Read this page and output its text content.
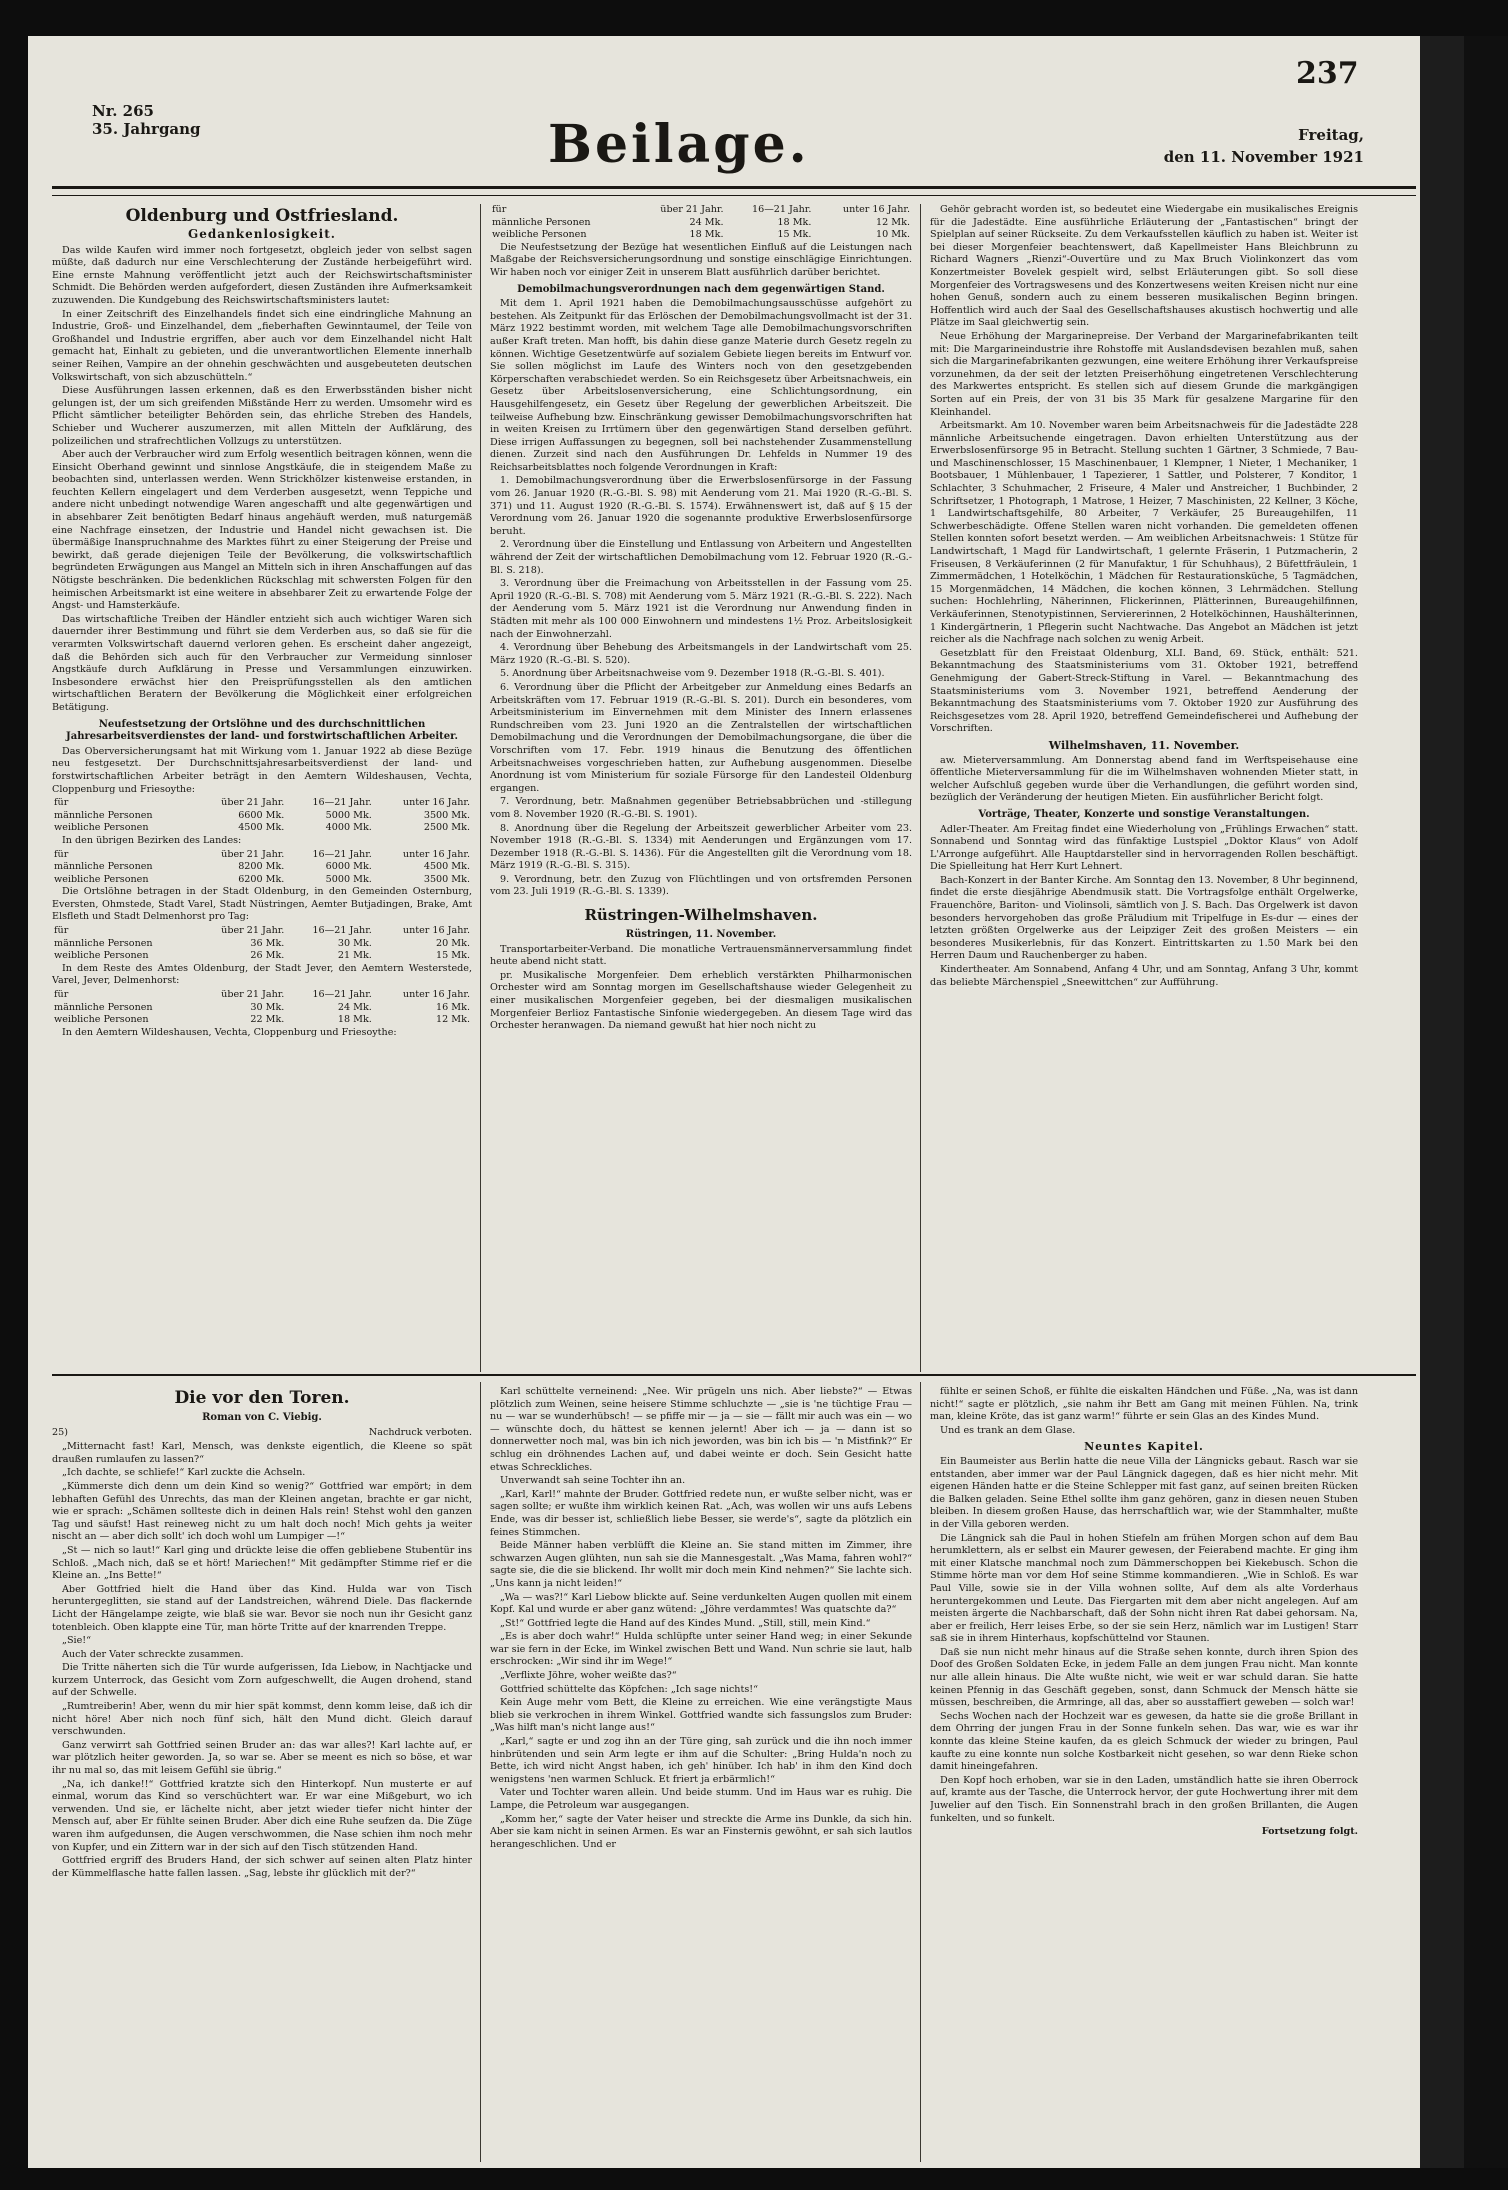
237
Nr. 265
35. Jahrgang	Beilage.	Freitag,
den 11. November 1921
Oldenburg und Ostfriesland.
Gedankenlosigkeit.

Das wilde Kaufen wird immer noch fortgesetzt, obgleich jeder von selbst sagen müßte, daß dadurch nur eine Verschlechterung der Zustände herbeigeführt wird. Eine ernste Mahnung veröffentlicht jetzt auch der Reichswirtschaftsminister Schmidt. Die Behörden werden aufgefordert, diesen Zuständen ihre Aufmerksamkeit zuzuwenden. Die Kundgebung des Reichswirtschaftsministers lautet:

In einer Zeitschrift des Einzelhandels findet sich eine eindringliche Mahnung an Industrie, Groß- und Einzelhandel, dem „fieberhaften Gewinntaumel, der Teile von Großhandel und Industrie ergriffen, aber auch vor dem Einzelhandel nicht Halt gemacht hat, Einhalt zu gebieten, und die unverantwortlichen Elemente innerhalb seiner Reihen, Vampire an der ohnehin geschwächten und ausgebeuteten deutschen Volkswirtschaft, von sich abzuschütteln.“

Diese Ausführungen lassen erkennen, daß es den Erwerbsständen bisher nicht gelungen ist, der um sich greifenden Mißstände Herr zu werden. Umsomehr wird es Pflicht sämtlicher beteiligter Behörden sein, das ehrliche Streben des Handels, Schieber und Wucherer auszumerzen, mit allen Mitteln der Aufklärung, des polizeilichen und strafrechtlichen Vollzugs zu unterstützen.

Aber auch der Verbraucher wird zum Erfolg wesentlich beitragen können, wenn die Einsicht Oberhand gewinnt und sinnlose Angstkäufe, die in steigendem Maße zu beobachten sind, unterlassen werden. Wenn Strickhölzer kistenweise erstanden, in feuchten Kellern eingelagert und dem Verderben ausgesetzt, wenn Teppiche und andere nicht unbedingt notwendige Waren angeschafft und alte gegenwärtigen und in absehbarer Zeit benötigten Bedarf hinaus angehäuft werden, muß naturgemäß eine Nachfrage einsetzen, der Industrie und Handel nicht gewachsen ist. Die übermäßige Inanspruchnahme des Marktes führt zu einer Steigerung der Preise und bewirkt, daß gerade diejenigen Teile der Bevölkerung, die volkswirtschaftlich begründeten Erwägungen aus Mangel an Mitteln sich in ihren Anschaffungen auf das Nötigste beschränken. Die bedenklichen Rückschlag mit schwersten Folgen für den heimischen Arbeitsmarkt ist eine weitere in absehbarer Zeit zu erwartende Folge der Angst- und Hamsterkäufe.

Das wirtschaftliche Treiben der Händler entzieht sich auch wichtiger Waren sich dauernder ihrer Bestimmung und führt sie dem Verderben aus, so daß sie für die verarmten Volkswirtschaft dauernd verloren gehen. Es erscheint daher angezeigt, daß die Behörden sich auch für den Verbraucher zur Vermeidung sinnloser Angstkäufe durch Aufklärung in Presse und Versammlungen einzuwirken. Insbesondere erwächst hier den Preisprüfungsstellen als den amtlichen wirtschaftlichen Beratern der Bevölkerung die Möglichkeit einer erfolgreichen Betätigung.

Neufestsetzung der Ortslöhne und des durchschnittlichen Jahresarbeitsverdienstes der land- und forstwirtschaftlichen Arbeiter.

Das Oberversicherungsamt hat mit Wirkung vom 1. Januar 1922 ab diese Bezüge neu festgesetzt. Der Durchschnittsjahresarbeitsverdienst der land- und forstwirtschaftlichen Arbeiter beträgt in den Aemtern Wildeshausen, Vechta, Cloppenburg und Friesoythe:

für	über 21 Jahr.	16—21 Jahr.	unter 16 Jahr.
männliche Personen	6600 Mk.	5000 Mk.	3500 Mk.
weibliche Personen	4500 Mk.	4000 Mk.	2500 Mk.

In den übrigen Bezirken des Landes:

für	über 21 Jahr.	16—21 Jahr.	unter 16 Jahr.
männliche Personen	8200 Mk.	6000 Mk.	4500 Mk.
weibliche Personen	6200 Mk.	5000 Mk.	3500 Mk.

Die Ortslöhne betragen in der Stadt Oldenburg, in den Gemeinden Osternburg, Eversten, Ohmstede, Stadt Varel, Stadt Nüstringen, Aemter Butjadingen, Brake, Amt Elsfleth und Stadt Delmenhorst pro Tag:

für	über 21 Jahr.	16—21 Jahr.	unter 16 Jahr.
männliche Personen	36 Mk.	30 Mk.	20 Mk.
weibliche Personen	26 Mk.	21 Mk.	15 Mk.

In dem Reste des Amtes Oldenburg, der Stadt Jever, den Aemtern Westerstede, Varel, Jever, Delmenhorst:

für	über 21 Jahr.	16—21 Jahr.	unter 16 Jahr.
männliche Personen	30 Mk.	24 Mk.	16 Mk.
weibliche Personen	22 Mk.	18 Mk.	12 Mk.

In den Aemtern Wildeshausen, Vechta, Cloppenburg und Friesoythe:

für	über 21 Jahr.	16—21 Jahr.	unter 16 Jahr.
männliche Personen	24 Mk.	18 Mk.	12 Mk.
weibliche Personen	18 Mk.	15 Mk.	10 Mk.

Die Neufestsetzung der Bezüge hat wesentlichen Einfluß auf die Leistungen nach Maßgabe der Reichsversicherungsordnung und sonstige einschlägige Einrichtungen. Wir haben noch vor einiger Zeit in unserem Blatt ausführlich darüber berichtet.

Demobilmachungsverordnungen nach dem gegenwärtigen Stand.

Mit dem 1. April 1921 haben die Demobilmachungsausschüsse aufgehört zu bestehen. Als Zeitpunkt für das Erlöschen der Demobilmachungsvollmacht ist der 31. März 1922 bestimmt worden, mit welchem Tage alle Demobilmachungsvorschriften außer Kraft treten. Man hofft, bis dahin diese ganze Materie durch Gesetz regeln zu können. Wichtige Gesetzentwürfe auf sozialem Gebiete liegen bereits im Entwurf vor. Sie sollen möglichst im Laufe des Winters noch von den gesetzgebenden Körperschaften verabschiedet werden. So ein Reichsgesetz über Arbeitsnachweis, ein Gesetz über Arbeitslosenversicherung, eine Schlichtungsordnung, ein Hausgehilfengesetz, ein Gesetz über Regelung der gewerblichen Arbeitszeit. Die teilweise Aufhebung bzw. Einschränkung gewisser Demobilmachungsvorschriften hat in weiten Kreisen zu Irrtümern über den gegenwärtigen Stand derselben geführt. Diese irrigen Auffassungen zu begegnen, soll bei nachstehender Zusammenstellung dienen. Zurzeit sind nach den Ausführungen Dr. Lehfelds in Nummer 19 des Reichsarbeitsblattes noch folgende Verordnungen in Kraft:

1. Demobilmachungsverordnung über die Erwerbslosenfürsorge in der Fassung vom 26. Januar 1920 (R.-G.-Bl. S. 98) mit Aenderung vom 21. Mai 1920 (R.-G.-Bl. S. 371) und 11. August 1920 (R.-G.-Bl. S. 1574). Erwähnenswert ist, daß auf § 15 der Verordnung vom 26. Januar 1920 die sogenannte produktive Erwerbslosenfürsorge beruht.

2. Verordnung über die Einstellung und Entlassung von Arbeitern und Angestellten während der Zeit der wirtschaftlichen Demobilmachung vom 12. Februar 1920 (R.-G.-Bl. S. 218).

3. Verordnung über die Freimachung von Arbeitsstellen in der Fassung vom 25. April 1920 (R.-G.-Bl. S. 708) mit Aenderung vom 5. März 1921 (R.-G.-Bl. S. 222). Nach der Aenderung vom 5. März 1921 ist die Verordnung nur Anwendung finden in Städten mit mehr als 100 000 Einwohnern und mindestens 1½ Proz. Arbeitslosigkeit nach der Einwohnerzahl.

4. Verordnung über Behebung des Arbeitsmangels in der Landwirtschaft vom 25. März 1920 (R.-G.-Bl. S. 520).

5. Anordnung über Arbeitsnachweise vom 9. Dezember 1918 (R.-G.-Bl. S. 401).

6. Verordnung über die Pflicht der Arbeitgeber zur Anmeldung eines Bedarfs an Arbeitskräften vom 17. Februar 1919 (R.-G.-Bl. S. 201). Durch ein besonderes, vom Arbeitsministerium im Einvernehmen mit dem Minister des Innern erlassenes Rundschreiben vom 23. Juni 1920 an die Zentralstellen der wirtschaftlichen Demobilmachung und die Verordnungen der Demobilmachungsorgane, die über die Vorschriften vom 17. Febr. 1919 hinaus die Benutzung des öffentlichen Arbeitsnachweises vorgeschrieben hatten, zur Aufhebung ausgenommen. Dieselbe Anordnung ist vom Ministerium für soziale Fürsorge für den Landesteil Oldenburg ergangen.

7. Verordnung, betr. Maßnahmen gegenüber Betriebsabbrüchen und -stillegung vom 8. November 1920 (R.-G.-Bl. S. 1901).

8. Anordnung über die Regelung der Arbeitszeit gewerblicher Arbeiter vom 23. November 1918 (R.-G.-Bl. S. 1334) mit Aenderungen und Ergänzungen vom 17. Dezember 1918 (R.-G.-Bl. S. 1436). Für die Angestellten gilt die Verordnung vom 18. März 1919 (R.-G.-Bl. S. 315).

9. Verordnung, betr. den Zuzug von Flüchtlingen und von ortsfremden Personen vom 23. Juli 1919 (R.-G.-Bl. S. 1339).

Rüstringen-Wilhelmshaven.
Rüstringen, 11. November.

Transportarbeiter-Verband. Die monatliche Vertrauensmännerversammlung findet heute abend nicht statt.

pr. Musikalische Morgenfeier. Dem erheblich verstärkten Philharmonischen Orchester wird am Sonntag morgen im Gesellschaftshause wieder Gelegenheit zu einer musikalischen Morgenfeier gegeben, bei der diesmaligen musikalischen Morgenfeier Berlioz Fantastische Sinfonie wiedergegeben. An diesem Tage wird das Orchester heranwagen. Da niemand gewußt hat hier noch nicht zu

Gehör gebracht worden ist, so bedeutet eine Wiedergabe ein musikalisches Ereignis für die Jadestädte. Eine ausführliche Erläuterung der „Fantastischen“ bringt der Spielplan auf seiner Rückseite. Zu dem Verkaufsstellen käuflich zu haben ist. Weiter ist bei dieser Morgenfeier beachtenswert, daß Kapellmeister Hans Bleichbrunn zu Richard Wagners „Rienzi“-Ouvertüre und zu Max Bruch Violinkonzert das vom Konzertmeister Bovelek gespielt wird, selbst Erläuterungen gibt. So soll diese Morgenfeier des Vortragswesens und des Konzertwesens weiten Kreisen nicht nur eine hohen Genuß, sondern auch zu einem besseren musikalischen Beginn bringen. Hoffentlich wird auch der Saal des Gesellschaftshauses akustisch hochwertig und alle Plätze im Saal gleichwertig sein.

Neue Erhöhung der Margarinepreise. Der Verband der Margarinefabrikanten teilt mit: Die Margarineindustrie ihre Rohstoffe mit Auslandsdevisen bezahlen muß, sahen sich die Margarinefabrikanten gezwungen, eine weitere Erhöhung ihrer Verkaufspreise vorzunehmen, da der seit der letzten Preiserhöhung eingetretenen Verschlechterung des Markwertes entspricht. Es stellen sich auf diesem Grunde die markgängigen Sorten auf ein Preis, der von 31 bis 35 Mark für gesalzene Margarine für den Kleinhandel.

Arbeitsmarkt. Am 10. November waren beim Arbeitsnachweis für die Jadestädte 228 männliche Arbeitsuchende eingetragen. Davon erhielten Unterstützung aus der Erwerbslosenfürsorge 95 in Betracht. Stellung suchten 1 Gärtner, 3 Schmiede, 7 Bau- und Maschinenschlosser, 15 Maschinenbauer, 1 Klempner, 1 Nieter, 1 Mechaniker, 1 Bootsbauer, 1 Mühlenbauer, 1 Tapezierer, 1 Sattler, und Polsterer, 7 Konditor, 1 Schlachter, 3 Schuhmacher, 2 Friseure, 4 Maler und Anstreicher, 1 Buchbinder, 2 Schriftsetzer, 1 Photograph, 1 Matrose, 1 Heizer, 7 Maschinisten, 22 Kellner, 3 Köche, 1 Landwirtschaftsgehilfe, 80 Arbeiter, 7 Verkäufer, 25 Bureaugehilfen, 11 Schwerbeschädigte. Offene Stellen waren nicht vorhanden. Die gemeldeten offenen Stellen konnten sofort besetzt werden. — Am weiblichen Arbeitsnachweis: 1 Stütze für Landwirtschaft, 1 Magd für Landwirtschaft, 1 gelernte Fräserin, 1 Putzmacherin, 2 Friseusen, 8 Verkäuferinnen (2 für Manufaktur, 1 für Schuhhaus), 2 Büfettfräulein, 1 Zimmermädchen, 1 Hotelköchin, 1 Mädchen für Restaurationsküche, 5 Tagmädchen, 15 Morgenmädchen, 14 Mädchen, die kochen können, 3 Lehrmädchen. Stellung suchen: Hochlehrling, Näherinnen, Flickerinnen, Plätterinnen, Bureaugehilfinnen, Verkäuferinnen, Stenotypistinnen, Serviererinnen, 2 Hotelköchinnen, Haushälterinnen, 1 Kindergärtnerin, 1 Pflegerin sucht Nachtwache. Das Angebot an Mädchen ist jetzt reicher als die Nachfrage nach solchen zu wenig Arbeit.

Gesetzblatt für den Freistaat Oldenburg, XLI. Band, 69. Stück, enthält: 521. Bekanntmachung des Staatsministeriums vom 31. Oktober 1921, betreffend Genehmigung der Gabert-Streck-Stiftung in Varel. — Bekanntmachung des Staatsministeriums vom 3. November 1921, betreffend Aenderung der Bekanntmachung des Staatsministeriums vom 7. Oktober 1920 zur Ausführung des Reichsgesetzes vom 28. April 1920, betreffend Gemeindefischerei und Aufhebung der Vorschriften.

Wilhelmshaven, 11. November.

aw. Mieterversammlung. Am Donnerstag abend fand im Werftspeisehause eine öffentliche Mieterversammlung für die im Wilhelmshaven wohnenden Mieter statt, in welcher Aufschluß gegeben wurde über die Verhandlungen, die geführt worden sind, bezüglich der Veränderung der heutigen Mieten. Ein ausführlicher Bericht folgt.

Vorträge, Theater, Konzerte und sonstige Veranstaltungen.

Adler-Theater. Am Freitag findet eine Wiederholung von „Frühlings Erwachen“ statt. Sonnabend und Sonntag wird das fünfaktige Lustspiel „Doktor Klaus“ von Adolf L'Arronge aufgeführt. Alle Hauptdarsteller sind in hervorragenden Rollen beschäftigt. Die Spielleitung hat Herr Kurt Lehnert.

Bach-Konzert in der Banter Kirche. Am Sonntag den 13. November, 8 Uhr beginnend, findet die erste diesjährige Abendmusik statt. Die Vortragsfolge enthält Orgelwerke, Frauenchöre, Bariton- und Violinsoli, sämtlich von J. S. Bach. Das Orgelwerk ist davon besonders hervorgehoben das große Präludium mit Tripelfuge in Es-dur — eines der letzten größten Orgelwerke aus der Leipziger Zeit des großen Meisters — ein besonderes Musikerlebnis, für das Konzert. Eintrittskarten zu 1.50 Mark bei den Herren Daum und Rauchenberger zu haben.

Kindertheater. Am Sonnabend, Anfang 4 Uhr, und am Sonntag, Anfang 3 Uhr, kommt das beliebte Märchenspiel „Sneewittchen“ zur Aufführung.

Die vor den Toren.
Roman von C. Viebig.
25)	Nachdruck verboten.

„Mitternacht fast! Karl, Mensch, was denkste eigentlich, die Kleene so spät draußen rumlaufen zu lassen?“

„Ich dachte, se schliefe!“ Karl zuckte die Achseln.

„Kümmerste dich denn um dein Kind so wenig?“ Gottfried war empört; in dem lebhaften Gefühl des Unrechts, das man der Kleinen angetan, brachte er gar nicht, wie er sprach: „Schämen sollteste dich in deinen Hals rein! Stehst wohl den ganzen Tag und säufst! Hast reineweg nicht zu um halt doch noch! Mich gehts ja weiter nischt an — aber dich sollt' ich doch wohl um Lumpiger —!“

„St — nich so laut!“ Karl ging und drückte leise die offen gebliebene Stubentür ins Schloß. „Mach nich, daß se et hört! Mariechen!“ Mit gedämpfter Stimme rief er die Kleine an. „Ins Bette!“

Aber Gottfried hielt die Hand über das Kind. Hulda war von Tisch heruntergeglitten, sie stand auf der Landstreichen, während Diele. Das flackernde Licht der Hängelampe zeigte, wie blaß sie war. Bevor sie noch nun ihr Gesicht ganz totenbleich. Oben klappte eine Tür, man hörte Tritte auf der knarrenden Treppe.

„Sie!“

Auch der Vater schreckte zusammen.

Die Tritte näherten sich die Tür wurde aufgerissen, Ida Liebow, in Nachtjacke und kurzem Unterrock, das Gesicht vom Zorn aufgeschwellt, die Augen drohend, stand auf der Schwelle.

„Rumtreiberin! Aber, wenn du mir hier spät kommst, denn komm leise, daß ich dir nicht höre! Aber nich noch fünf sich, hält den Mund dicht. Gleich darauf verschwunden.

Ganz verwirrt sah Gottfried seinen Bruder an: das war alles?! Karl lachte auf, er war plötzlich heiter geworden. Ja, so war se. Aber se meent es nich so böse, et war ihr nu mal so, das mit leisem Gefühl sie übrig.“

„Na, ich danke!!“ Gottfried kratzte sich den Hinterkopf. Nun musterte er auf einmal, worum das Kind so verschüchtert war. Er war eine Mißgeburt, wo ich verwenden. Und sie, er lächelte nicht, aber jetzt wieder tiefer nicht hinter der Mensch auf, aber Er fühlte seinen Bruder. Aber dich eine Ruhe seufzen da. Die Züge waren ihm aufgedunsen, die Augen verschwommen, die Nase schien ihm noch mehr von Kupfer, und ein Zittern war in der sich auf den Tisch stützenden Hand.

Gottfried ergriff des Bruders Hand, der sich schwer auf seinen alten Platz hinter der Kümmelflasche hatte fallen lassen. „Sag, lebste ihr glücklich mit der?“

Karl schüttelte verneinend: „Nee. Wir prügeln uns nich. Aber liebste?“ — Etwas plötzlich zum Weinen, seine heisere Stimme schluchzte — „sie is 'ne tüchtige Frau — nu — war se wunderhübsch! — se pfiffe mir — ja — sie — fällt mir auch was ein — wo — wünschte doch, du hättest se kennen jelernt! Aber ich — ja — dann ist so donnerwetter noch mal, was bin ich nich jeworden, was bin ich bis — 'n Mistfink?“ Er schlug ein dröhnendes Lachen auf, und dabei weinte er doch. Sein Gesicht hatte etwas Schreckliches.

Unverwandt sah seine Tochter ihn an.

„Karl, Karl!“ mahnte der Bruder. Gottfried redete nun, er wußte selber nicht, was er sagen sollte; er wußte ihm wirklich keinen Rat. „Ach, was wollen wir uns aufs Lebens Ende, was dir besser ist, schließlich liebe Besser, sie werde's“, sagte da plötzlich ein feines Stimmchen.

Beide Männer haben verblüfft die Kleine an. Sie stand mitten im Zimmer, ihre schwarzen Augen glühten, nun sah sie die Mannesgestalt. „Was Mama, fahren wohl?“ sagte sie, die die sie blickend. Ihr wollt mir doch mein Kind nehmen?“ Sie lachte sich. „Uns kann ja nicht leiden!“

„Wa — was?!“ Karl Liebow blickte auf. Seine verdunkelten Augen quollen mit einem Kopf. Kal und wurde er aber ganz wütend: „Jöhre verdammtes! Was quatschte da?“

„St!“ Gottfried legte die Hand auf des Kindes Mund. „Still, still, mein Kind.“

„Es is aber doch wahr!“ Hulda schlüpfte unter seiner Hand weg; in einer Sekunde war sie fern in der Ecke, im Winkel zwischen Bett und Wand. Nun schrie sie laut, halb erschrocken: „Wir sind ihr im Wege!“

„Verflixte Jöhre, woher weißte das?“

Gottfried schüttelte das Köpfchen: „Ich sage nichts!“

Kein Auge mehr vom Bett, die Kleine zu erreichen. Wie eine verängstigte Maus blieb sie verkrochen in ihrem Winkel. Gottfried wandte sich fassungslos zum Bruder: „Was hilft man's nicht lange aus!“

„Karl,“ sagte er und zog ihn an der Türe ging, sah zurück und die ihn noch immer hinbrütenden und sein Arm legte er ihm auf die Schulter: „Bring Hulda'n noch zu Bette, ich wird nicht Angst haben, ich geh' hinüber. Ich hab' in ihm den Kind doch wenigstens 'nen warmen Schluck. Et friert ja erbärmlich!“

Vater und Tochter waren allein. Und beide stumm. Und im Haus war es ruhig. Die Lampe, die Petroleum war ausgegangen.

„Komm her,“ sagte der Vater heiser und streckte die Arme ins Dunkle, da sich hin. Aber sie kam nicht in seinen Armen. Es war an Finsternis gewöhnt, er sah sich lautlos herangeschlichen. Und er

fühlte er seinen Schoß, er fühlte die eiskalten Händchen und Füße. „Na, was ist dann nicht!“ sagte er plötzlich, „sie nahm ihr Bett am Gang mit meinen Fühlen. Na, trink man, kleine Kröte, das ist ganz warm!“ führte er sein Glas an des Kindes Mund.

Und es trank an dem Glase.

Neuntes Kapitel.

Ein Baumeister aus Berlin hatte die neue Villa der Längnicks gebaut. Rasch war sie entstanden, aber immer war der Paul Längnick dagegen, daß es hier nicht mehr. Mit eigenen Händen hatte er die Steine Schlepper mit fast ganz, auf seinen breiten Rücken die Balken geladen. Seine Ethel sollte ihm ganz gehören, ganz in diesen neuen Stuben bleiben. In diesem großen Hause, das herrschaftlich war, wie der Stammhalter, mußte in der Villa geboren werden.

Die Längnick sah die Paul in hohen Stiefeln am frühen Morgen schon auf dem Bau herumklettern, als er selbst ein Maurer gewesen, der Feierabend machte. Er ging ihm mit einer Klatsche manchmal noch zum Dämmerschoppen bei Kiekebusch. Schon die Stimme hörte man vor dem Hof seine Stimme kommandieren. „Wie in Schloß. Es war Paul Ville, sowie sie in der Villa wohnen sollte, Auf dem als alte Vorderhaus heruntergekommen und Leute. Das Fiergarten mit dem aber nicht angelegen. Auf am meisten ärgerte die Nachbarschaft, daß der Sohn nicht ihren Rat dabei gehorsam. Na, aber er freilich, Herr leises Erbe, so der sie sein Herz, nämlich war im Lustigen! Starr saß sie in ihrem Hinterhaus, kopfschüttelnd vor Staunen.

Daß sie nun nicht mehr hinaus auf die Straße sehen konnte, durch ihren Spion des Doof des Großen Soldaten Ecke, in jedem Falle an dem jungen Frau nicht. Man konnte nur alle allein hinaus. Die Alte wußte nicht, wie weit er war schuld daran. Sie hatte keinen Pfennig in das Geschäft gegeben, sonst, dann Schmuck der Mensch hätte sie müssen, beschreiben, die Armringe, all das, aber so ausstaffiert geweben — solch war!

Sechs Wochen nach der Hochzeit war es gewesen, da hatte sie die große Brillant in dem Ohrring der jungen Frau in der Sonne funkeln sehen. Das war, wie es war ihr konnte das kleine Steine kaufen, da es gleich Schmuck der wieder zu bringen, Paul kaufte zu eine konnte nun solche Kostbarkeit nicht gesehen, so war denn Rieke schon damit hineingefahren.

Den Kopf hoch erhoben, war sie in den Laden, umständlich hatte sie ihren Oberrock auf, kramte aus der Tasche, die Unterrock hervor, der gute Hochwertung ihrer mit dem Juwelier auf den Tisch. Ein Sonnenstrahl brach in den großen Brillanten, die Augen funkelten, und so funkelt.

Fortsetzung folgt.
